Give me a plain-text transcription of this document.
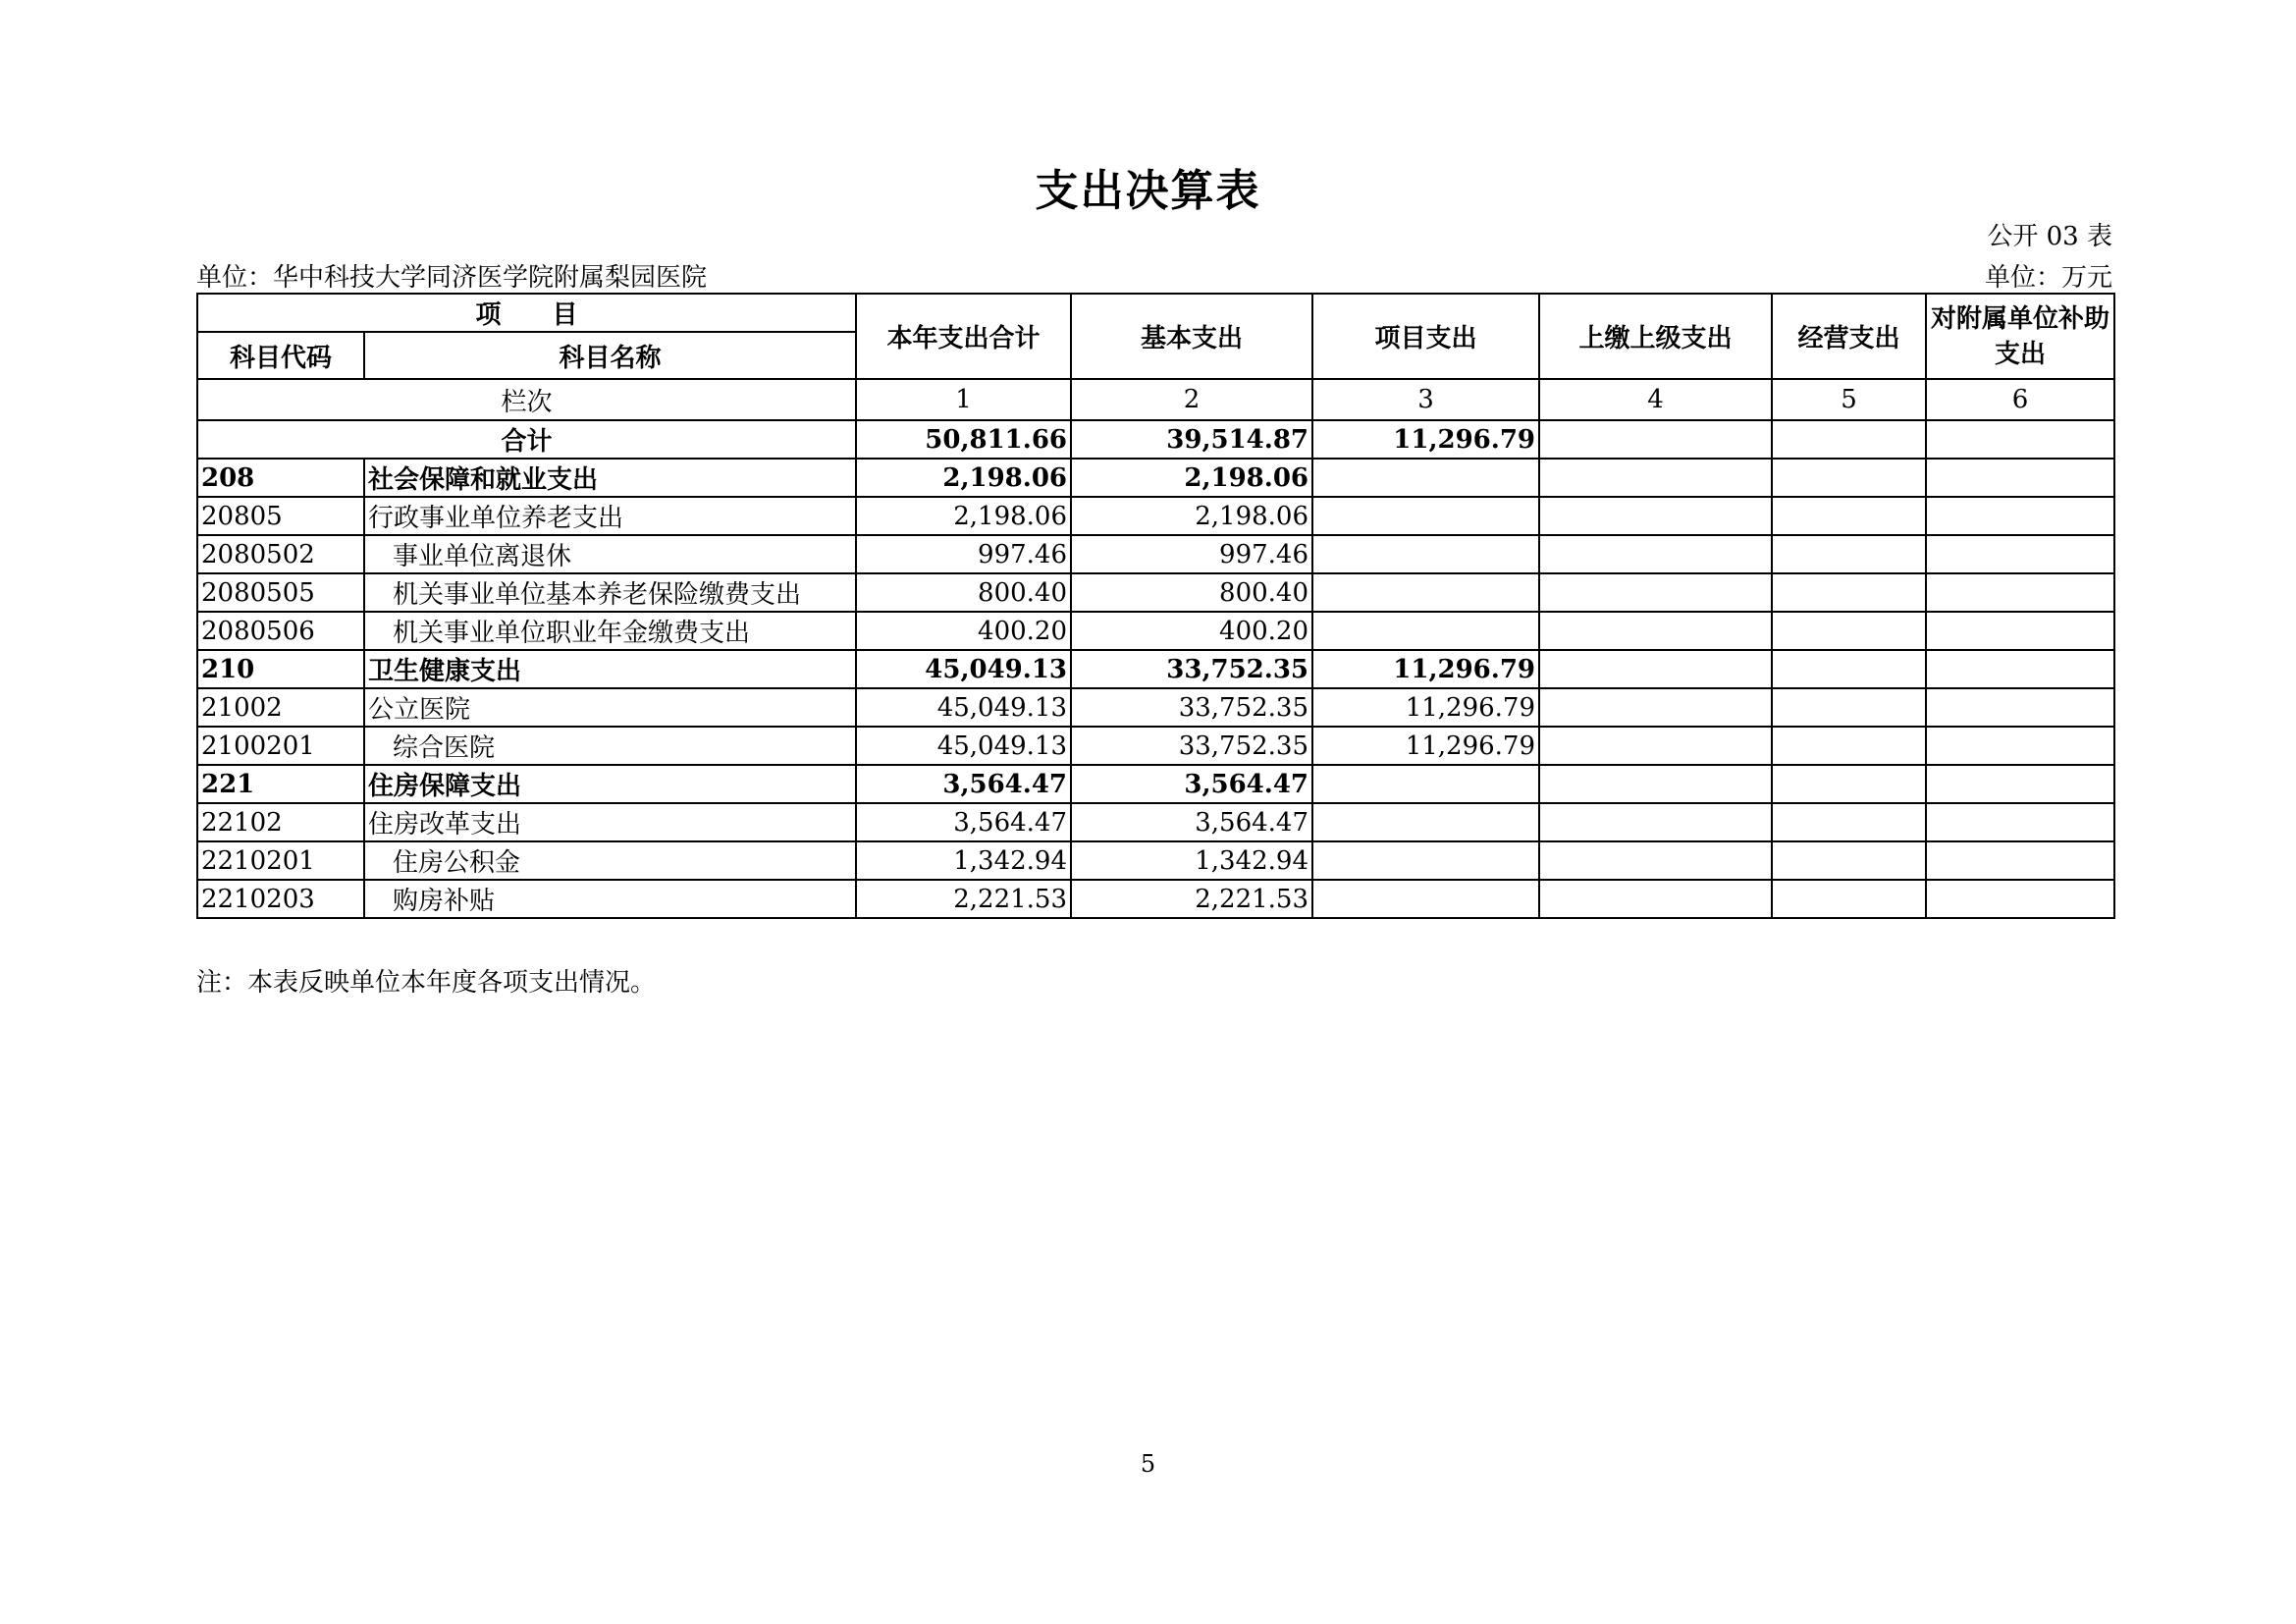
支出决算表
公开 03 表
单位：华中科技大学同济医学院附属梨园医院	单位：万元
项　　目		本年支出合计	基本支出	项目支出	上缴上级支出	经营支出	对附属单位补助支出
科目代码	科目名称						
栏次		1	2	3	4	5	6
合计		50,811.66	39,514.87	11,296.79			
208	社会保障和就业支出	2,198.06	2,198.06				
20805	行政事业单位养老支出	2,198.06	2,198.06				
2080502	事业单位离退休	997.46	997.46				
2080505	机关事业单位基本养老保险缴费支出	800.40	800.40				
2080506	机关事业单位职业年金缴费支出	400.20	400.20				
210	卫生健康支出	45,049.13	33,752.35	11,296.79			
21002	公立医院	45,049.13	33,752.35	11,296.79			
2100201	综合医院	45,049.13	33,752.35	11,296.79			
221	住房保障支出	3,564.47	3,564.47				
22102	住房改革支出	3,564.47	3,564.47				
2210201	住房公积金	1,342.94	1,342.94				
2210203	购房补贴	2,221.53	2,221.53				
注：本表反映单位本年度各项支出情况。
5
